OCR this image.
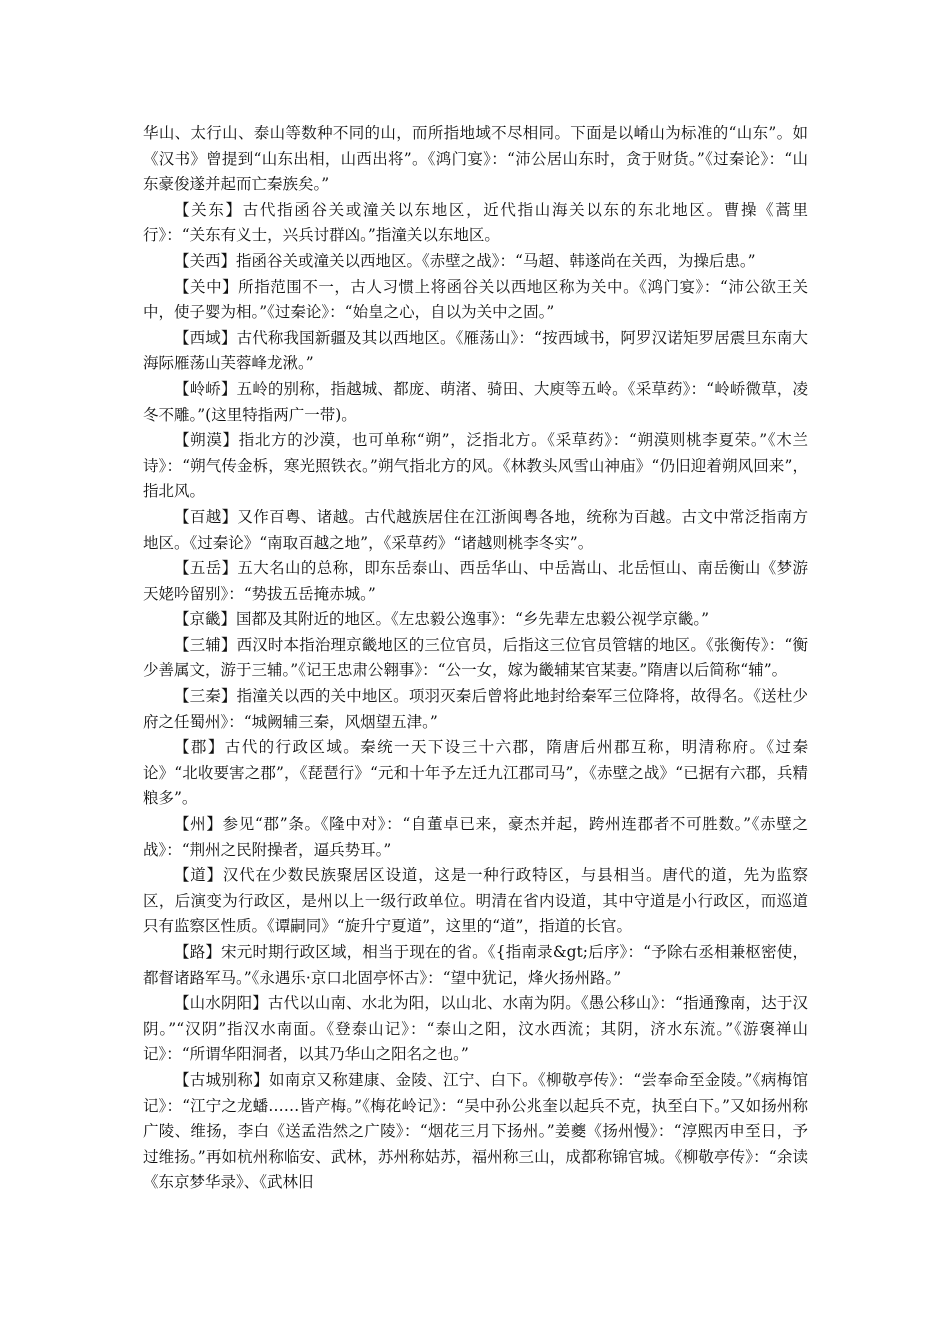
华山、太行山、泰山等数种不同的山，而所指地域不尽相同。下面是以崤山为标准的“山东”。如《汉书》曾提到“山东出相，山西出将”。《鸿门宴》：“沛公居山东时，贪于财货。”《过秦论》：“山东豪俊遂并起而亡秦族矣。”

【关东】古代指函谷关或潼关以东地区，近代指山海关以东的东北地区。曹操《蒿里行》：“关东有义士，兴兵讨群凶。”指潼关以东地区。

【关西】指函谷关或潼关以西地区。《赤壁之战》：“马超、韩遂尚在关西，为操后患。”

【关中】所指范围不一，古人习惯上将函谷关以西地区称为关中。《鸿门宴》：“沛公欲王关中，使子婴为相。”《过秦论》：“始皇之心，自以为关中之固。”

【西域】古代称我国新疆及其以西地区。《雁荡山》：“按西域书，阿罗汉诺矩罗居震旦东南大海际雁荡山芙蓉峰龙湫。”

【岭峤】五岭的别称，指越城、都庞、萌渚、骑田、大庾等五岭。《采草药》：“岭峤微草，凌冬不雕。”(这里特指两广一带)。

【朔漠】指北方的沙漠，也可单称“朔”，泛指北方。《采草药》：“朔漠则桃李夏荣。”《木兰诗》：“朔气传金柝，寒光照铁衣。”朔气指北方的风。《林教头风雪山神庙》“仍旧迎着朔风回来”，指北风。

【百越】又作百粤、诸越。古代越族居住在江浙闽粤各地，统称为百越。古文中常泛指南方地区。《过秦论》“南取百越之地”，《采草药》“诸越则桃李冬实”。

【五岳】五大名山的总称，即东岳泰山、西岳华山、中岳嵩山、北岳恒山、南岳衡山《梦游天姥吟留别》：“势拔五岳掩赤城。”

【京畿】国都及其附近的地区。《左忠毅公逸事》：“乡先辈左忠毅公视学京畿。”

【三辅】西汉时本指治理京畿地区的三位官员，后指这三位官员管辖的地区。《张衡传》：“衡少善属文，游于三辅。”《记王忠肃公翱事》：“公一女，嫁为畿辅某官某妻。”隋唐以后简称“辅”。

【三秦】指潼关以西的关中地区。项羽灭秦后曾将此地封给秦军三位降将，故得名。《送杜少府之任蜀州》：“城阙辅三秦，风烟望五津。”

【郡】古代的行政区域。秦统一天下设三十六郡，隋唐后州郡互称，明清称府。《过秦论》“北收要害之郡”，《琵琶行》“元和十年予左迁九江郡司马”，《赤壁之战》“已据有六郡，兵精粮多”。

【州】参见“郡”条。《隆中对》：“自董卓已来，豪杰并起，跨州连郡者不可胜数。”《赤壁之战》：“荆州之民附操者，逼兵势耳。”

【道】汉代在少数民族聚居区设道，这是一种行政特区，与县相当。唐代的道，先为监察区，后演变为行政区，是州以上一级行政单位。明清在省内设道，其中守道是小行政区，而巡道只有监察区性质。《谭嗣同》“旋升宁夏道”，这里的“道”，指道的长官。

【路】宋元时期行政区域，相当于现在的省。《{指南录&gt;后序》：“予除右丞相兼枢密使，都督诸路军马。”《永遇乐·京口北固亭怀古》：“望中犹记，烽火扬州路。”

【山水阴阳】古代以山南、水北为阳，以山北、水南为阴。《愚公移山》：“指通豫南，达于汉阴。”“汉阴”指汉水南面。《登泰山记》：“泰山之阳，汶水西流；其阴，济水东流。”《游褒禅山记》：“所谓华阳洞者，以其乃华山之阳名之也。”

【古城别称】如南京又称建康、金陵、江宁、白下。《柳敬亭传》：“尝奉命至金陵。”《病梅馆记》：“江宁之龙蟠……皆产梅。”《梅花岭记》：“吴中孙公兆奎以起兵不克，执至白下。”又如扬州称广陵、维扬，李白《送孟浩然之广陵》：“烟花三月下扬州。”姜夔《扬州慢》：“淳熙丙申至日，予过维扬。”再如杭州称临安、武林，苏州称姑苏，福州称三山，成都称锦官城。《柳敬亭传》：“余读《东京梦华录》、《武林旧
